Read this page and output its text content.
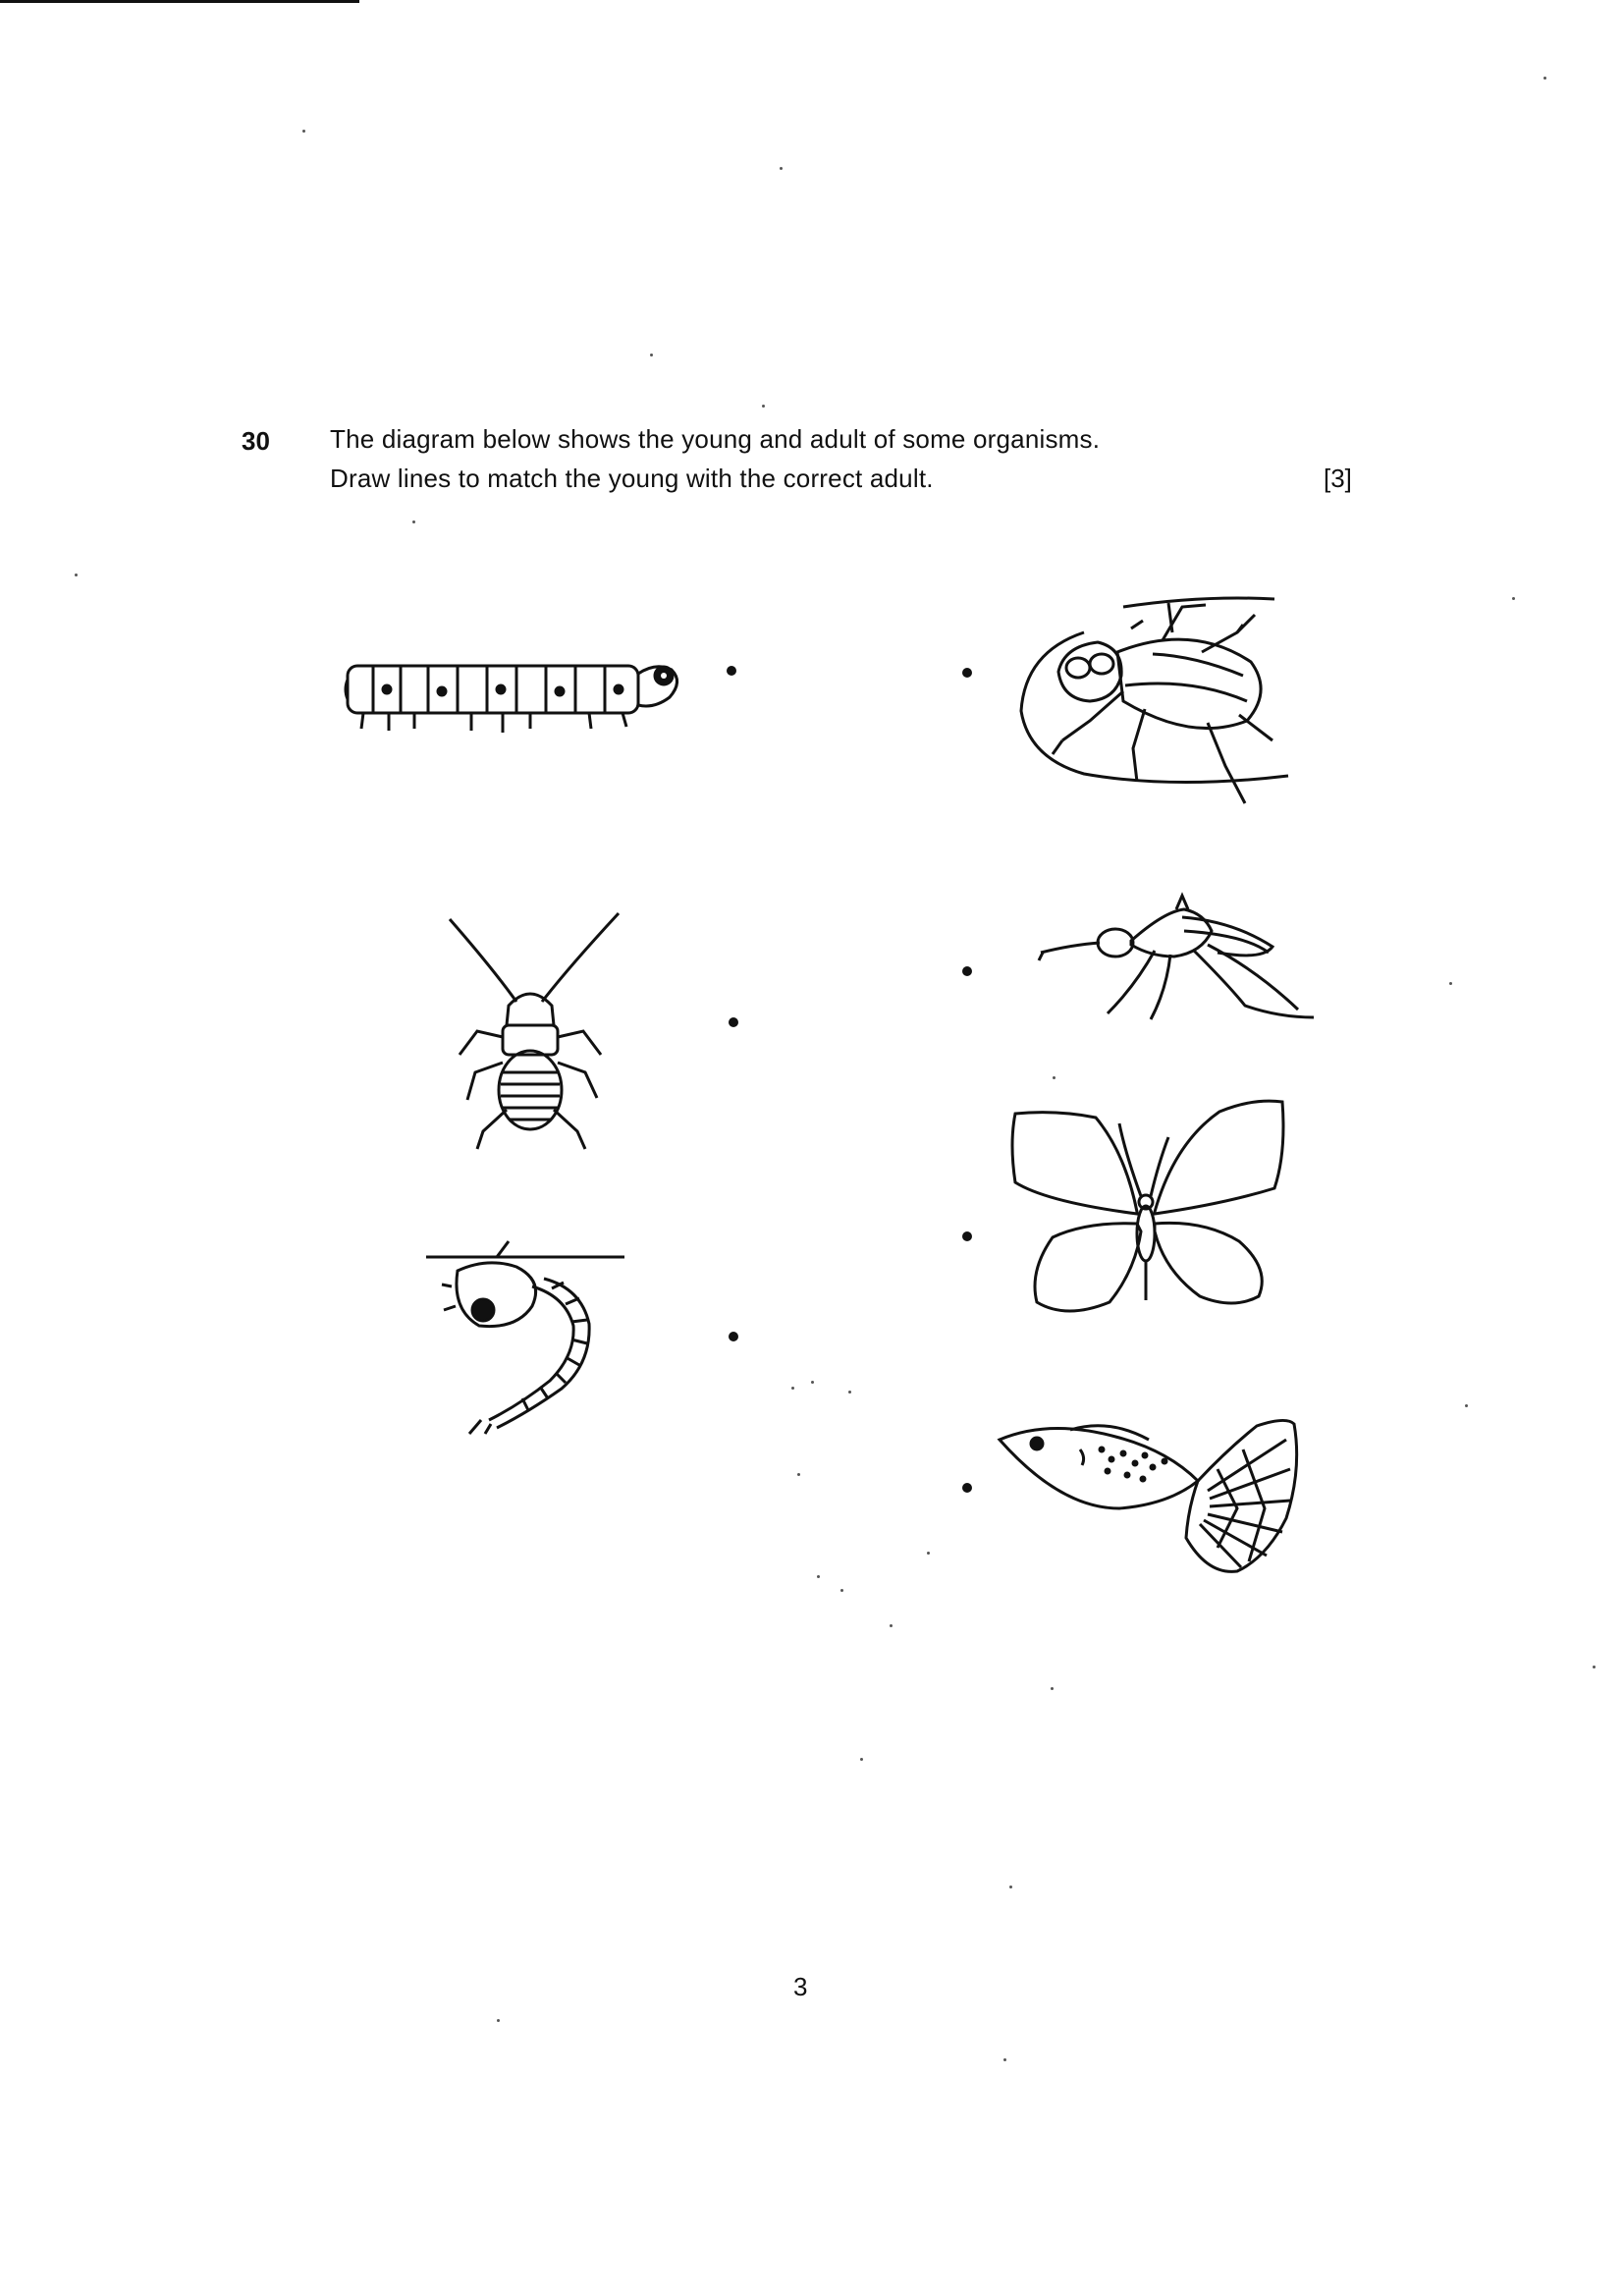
30 The diagram below shows the young and adult of some organisms.
Draw lines to match the young with the correct adult.	[3]
3
